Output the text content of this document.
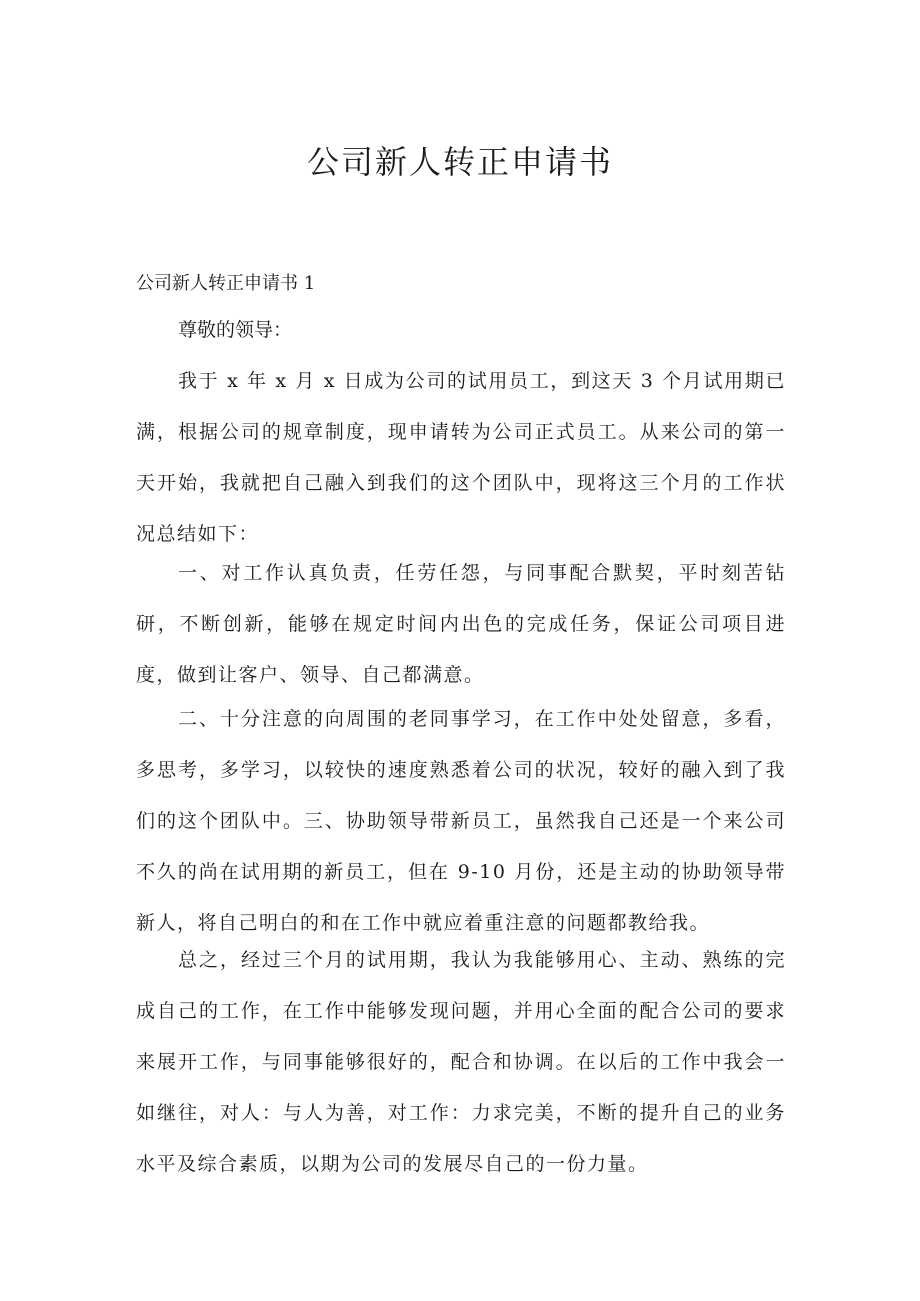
公司新人转正申请书

公司新人转正申请书 1

尊敬的领导：

我于 x 年 x 月 x 日成为公司的试用员工，到这天 3 个月试用期已满，根据公司的规章制度，现申请转为公司正式员工。从来公司的第一天开始，我就把自己融入到我们的这个团队中，现将这三个月的工作状况总结如下：

一、对工作认真负责，任劳任怨，与同事配合默契，平时刻苦钻研，不断创新，能够在规定时间内出色的完成任务，保证公司项目进度，做到让客户、领导、自己都满意。

二、十分注意的向周围的老同事学习，在工作中处处留意，多看，多思考，多学习，以较快的速度熟悉着公司的状况，较好的融入到了我们的这个团队中。三、协助领导带新员工，虽然我自己还是一个来公司不久的尚在试用期的新员工，但在 9-10 月份，还是主动的协助领导带新人，将自己明白的和在工作中就应着重注意的问题都教给我。

总之，经过三个月的试用期，我认为我能够用心、主动、熟练的完成自己的工作，在工作中能够发现问题，并用心全面的配合公司的要求来展开工作，与同事能够很好的，配合和协调。在以后的工作中我会一如继往，对人：与人为善，对工作：力求完美，不断的提升自己的业务水平及综合素质，以期为公司的发展尽自己的一份力量。
